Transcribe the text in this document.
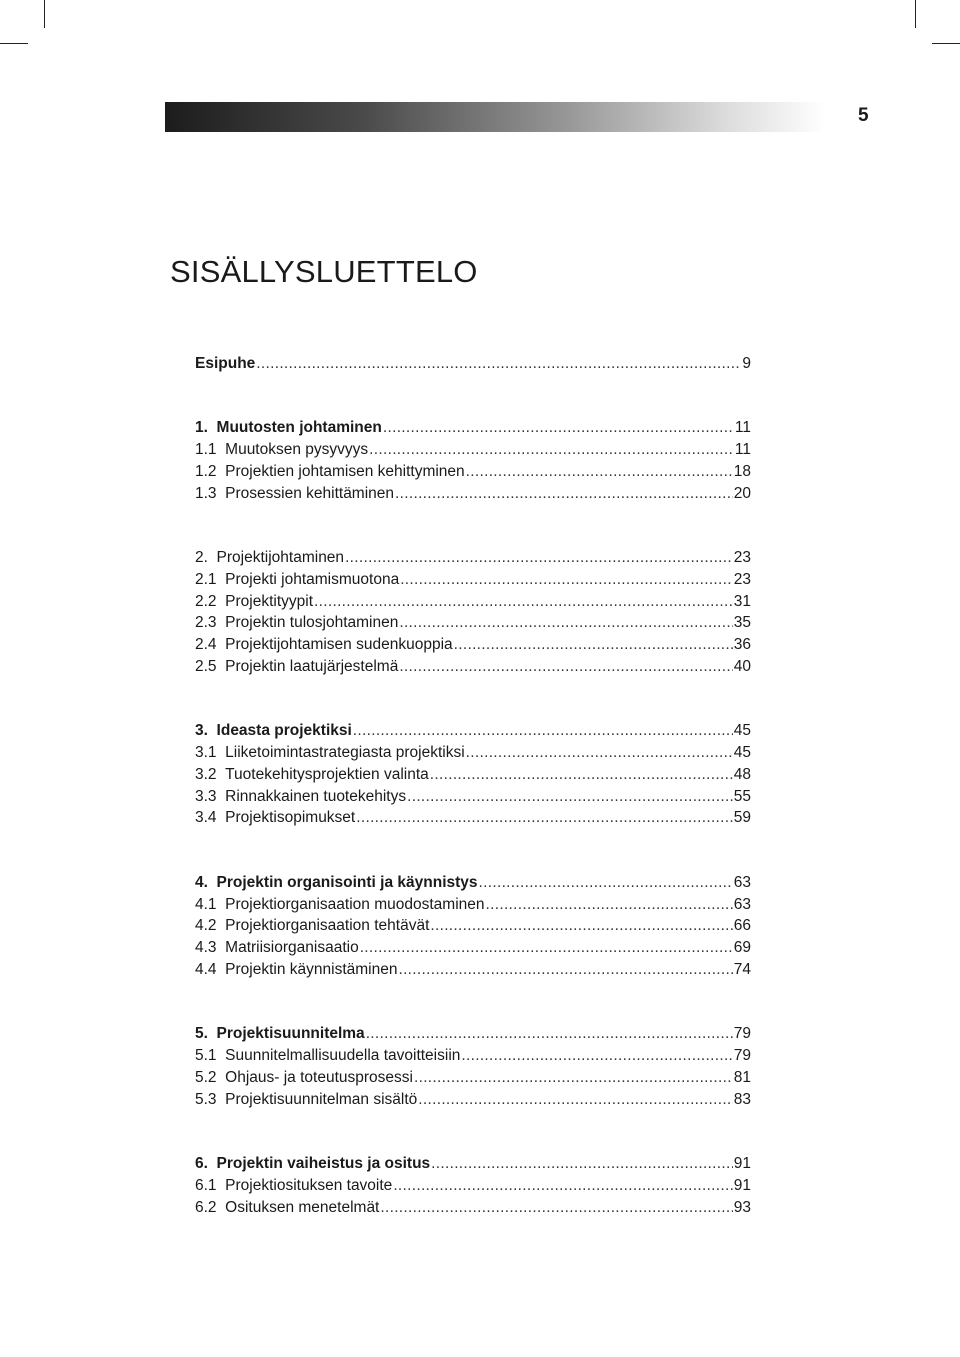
5
SISÄLLYSLUETTELO
Esipuhe .....	9
1.  Muutosten johtaminen .....	11
1.1  Muutoksen pysyvyys .....	11
1.2  Projektien johtamisen kehittyminen .....	18
1.3  Prosessien kehittäminen .....	20
2.  Projektijohtaminen .....	23
2.1  Projekti johtamismuotona .....	23
2.2  Projektityypit .....	31
2.3  Projektin tulosjohtaminen .....	35
2.4  Projektijohtamisen sudenkuoppia .....	36
2.5  Projektin laatujärjestelmä .....	40
3.  Ideasta projektiksi .....	45
3.1  Liiketoimintastrategiasta projektiksi .....	45
3.2  Tuotekehitysprojektien valinta .....	48
3.3  Rinnakkainen tuotekehitys .....	55
3.4  Projektisopimukset .....	59
4.  Projektin organisointi ja käynnistys .....	63
4.1  Projektiorganisaation muodostaminen .....	63
4.2  Projektiorganisaation tehtävät .....	66
4.3  Matriisiorganisaatio .....	69
4.4  Projektin käynnistäminen .....	74
5.  Projektisuunnitelma .....	79
5.1  Suunnitelmallisuudella tavoitteisiin .....	79
5.2  Ohjaus- ja toteutusprosessi .....	81
5.3  Projektisuunnitelman sisältö .....	83
6.  Projektin vaiheistus ja ositus .....	91
6.1  Projektiosituksen tavoite .....	91
6.2  Osituksen menetelmät .....	93
